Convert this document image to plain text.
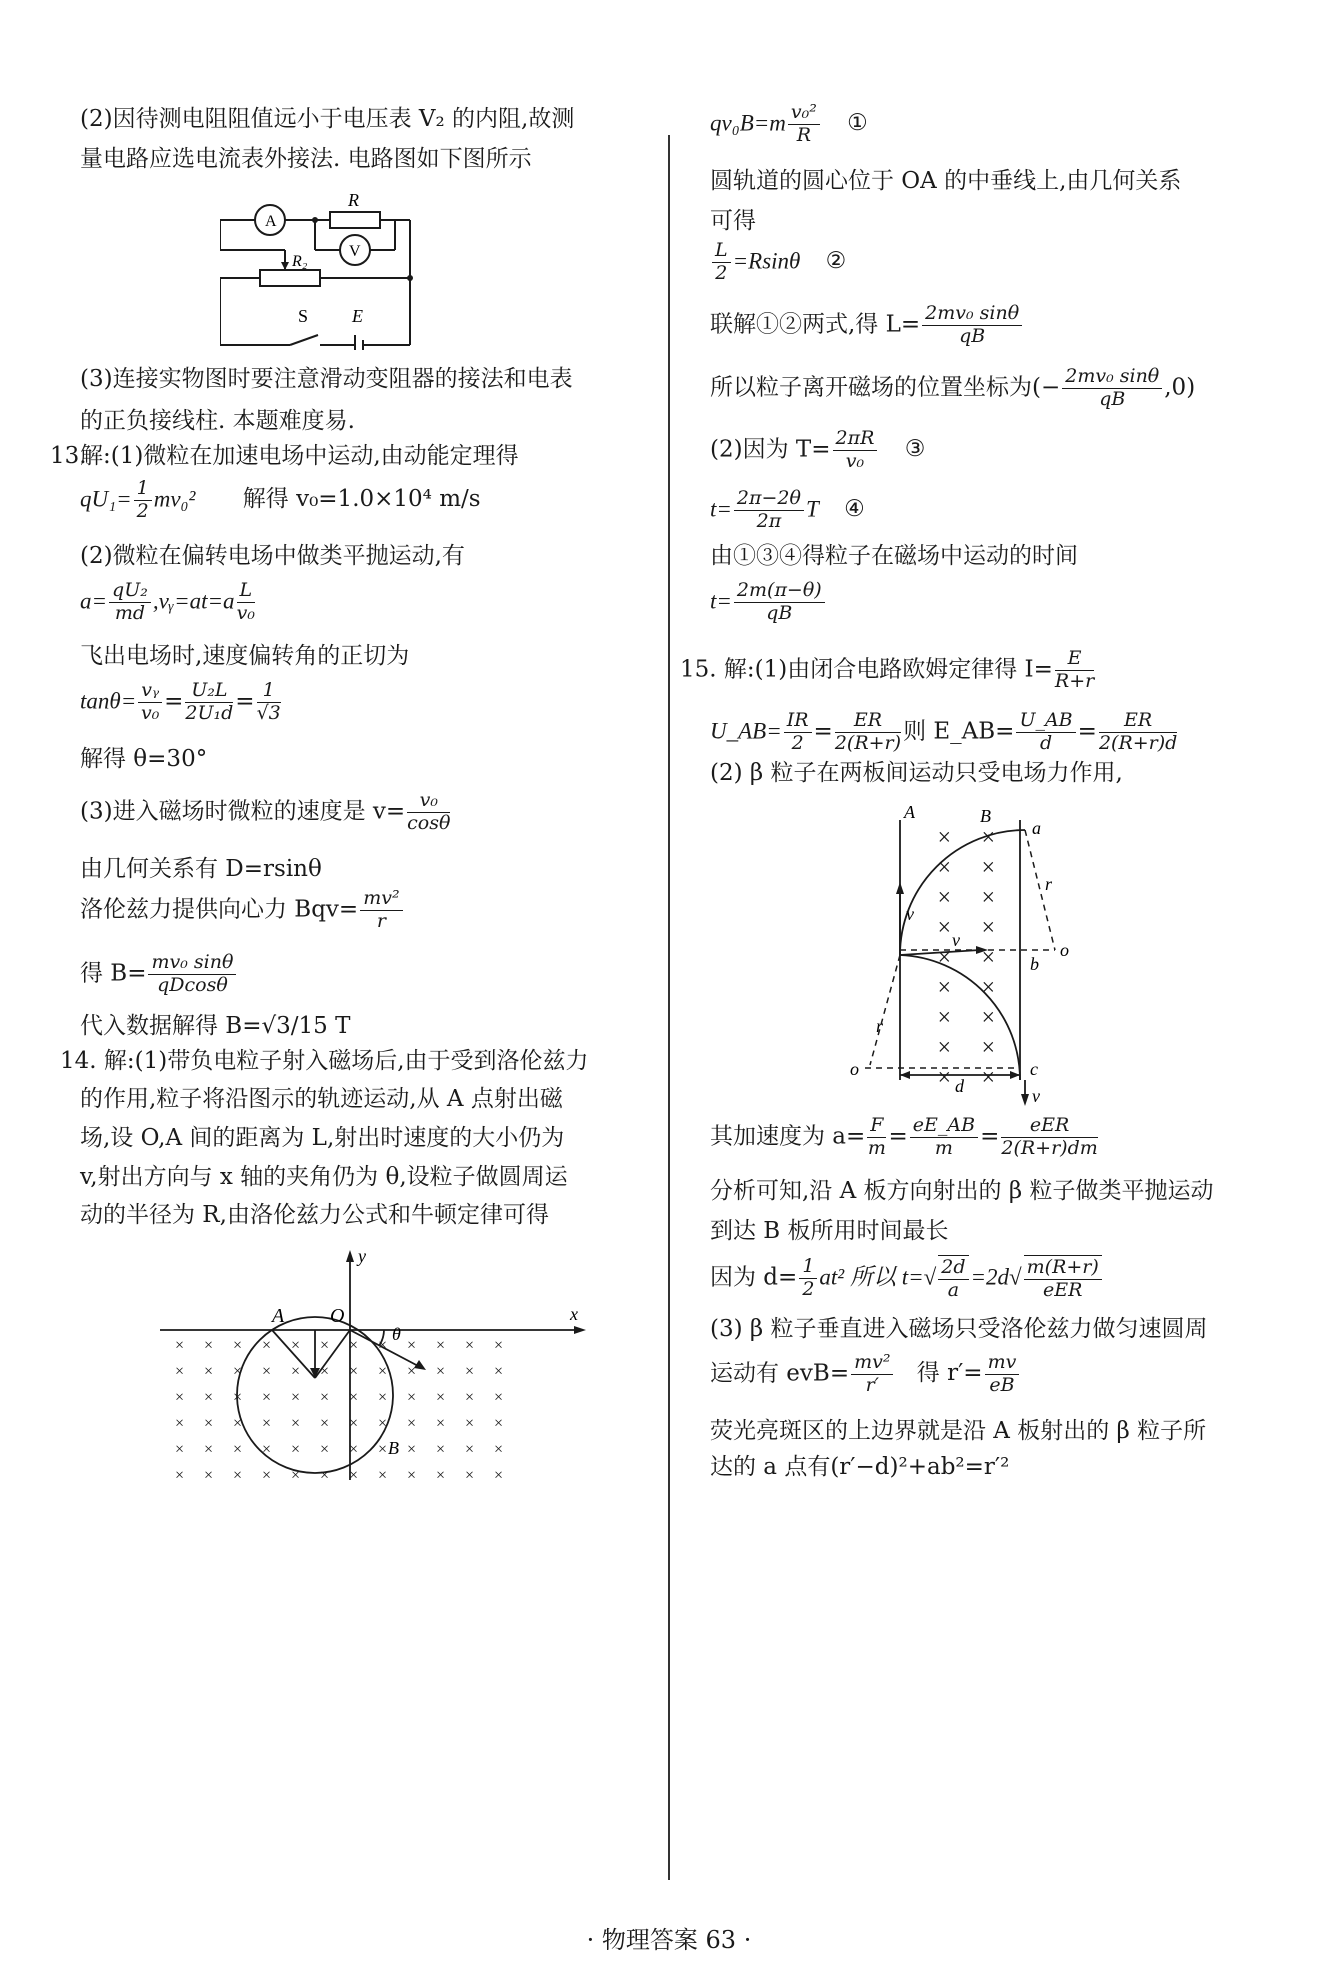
(2)因待测电阻阻值远小于电压表 V₂ 的内阻,故测
量电路应选电流表外接法. 电路图如下图所示
A
V
R
R₂
S E
(3)连接实物图时要注意滑动变阻器的接法和电表
的正负接线柱. 本题难度易.
13.
解:(1)微粒在加速电场中运动,由动能定理得
$qU_1= \frac{1}{2} mv_0^2$ 解得 v₀=1.0×10⁴ m/s
(2)微粒在偏转电场中做类平抛运动,有
$a= \frac{\text{qU₂}}{md}$ ,vᵧ=at=a $\frac{L}{\text{v₀}}$
飞出电场时,速度偏转角的正切为
$\tan\theta= \frac{\text{vᵧ}}{\text{v₀}} = \frac{\text{U₂L}}{\text{2U₁d}} = \frac{1}{√3}$
解得 θ=30°
(3)进入磁场时微粒的速度是 $v= \frac{\text{v₀}}{\cos\theta}$
由几何关系有 D=rsinθ
洛伦兹力提供向心力 $Bqv= \frac{\text{mv²}}{r}$
得 $B= \frac{\text{mv₀ sinθ}}{qDcos\theta}$
代入数据解得 B=√3/15 T
14. 解:(1)带负电粒子射入磁场后,由于受到洛伦兹力
的作用,粒子将沿图示的轨迹运动,从 A 点射出磁
场,设 O,A 间的距离为 L,射出时速度的大小仍为
v,射出方向与 x 轴的夹角仍为 θ,设粒子做圆周运
动的半径为 R,由洛伦兹力公式和牛顿定律可得
× × × × × × × × × × × ×
× × × × × × × × × × × ×
× × × × × × × × × × × ×
× × × × × × × × × × × ×
× × × × × × × × × × × ×
× × × × × × × × × × × ×
y
x
A O
θ
B
$qv_0B=m \frac{\text{v₀²}}{R}$ ①
圆轨道的圆心位于 OA 的中垂线上,由几何关系
可得
$\frac{L}{2} =Rsin\theta$ ②
联解①②两式,得 $L= \frac{\text{2mv₀ sinθ}}{qB}$
所以粒子离开磁场的位置坐标为(− $\frac{\text{2mv₀ sinθ}}{qB} ,0$)
(2)因为 $T= \frac{2\pi R}{\text{v₀}}$ ③
$t= \frac{2\pi-2\theta}{2\pi}$ T ④
由①③④得粒子在磁场中运动的时间
$t= \frac{2m(\pi-\theta)}{qB}$
15. 解:(1)由闭合电路欧姆定律得 $I= \frac{E}{R+r}$
U_AB= $\frac{IR}{2} = \frac{ER}{2(R+r)}$ 则 E_AB= $\frac{U\_AB}{d} = \frac{ER}{2(R+r)d}$
(2) β 粒子在两板间运动只受电场力作用,
× ×
× ×
× ×
× ×
× ×
× ×
× ×
× ×
× ×
A	B
a
r
v
v	o
b
r
o
d
c
v
其加速度为 $a= \frac{F}{m} = \frac{eE\_AB}{m}$ =	eER
2(R+r)dm
分析可知,沿 A 板方向射出的 β 粒子做类平抛运动
到达 B 板所用时间最长
因为 $d= \frac{1}{2} at^2$ 所以 $t=√ \frac{2d}{a} =2d√$ m(R+r)
eER
(3) β 粒子垂直进入磁场只受洛伦兹力做匀速圆周
运动有 $evB= \frac{\text{mv²}}{r'}$ 得 $r'= \frac{mv}{eB}$
荧光亮斑区的上边界就是沿 A 板射出的 β 粒子所
达的 a 点有(r′−d)²+ab²=r′²
· 物理答案 63 ·
